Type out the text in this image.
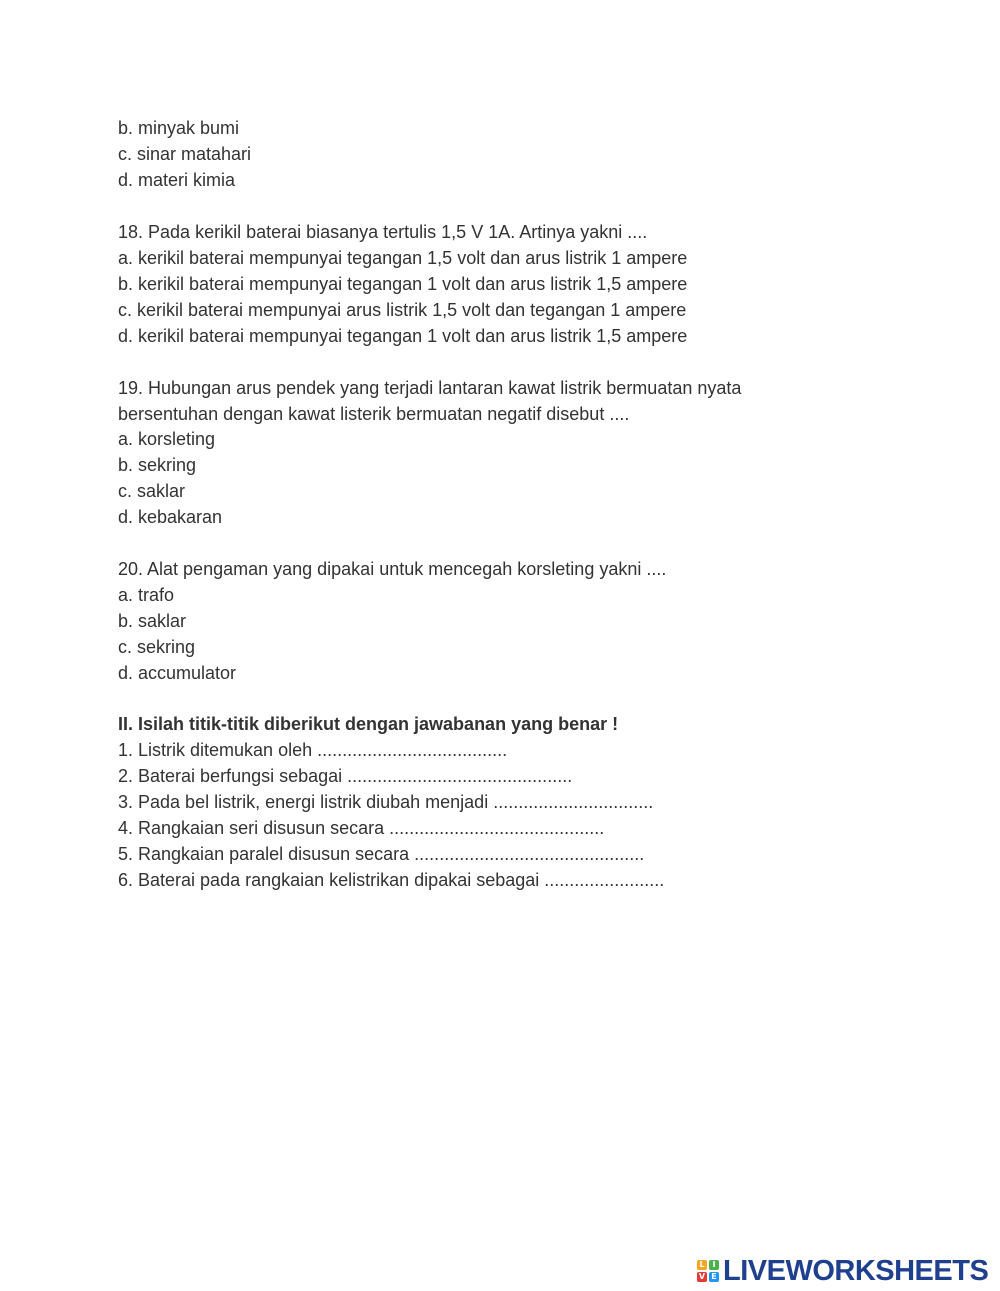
b. minyak bumi
c. sinar matahari
d. materi kimia
18. Pada kerikil baterai biasanya tertulis 1,5 V 1A. Artinya yakni ....
a. kerikil baterai mempunyai tegangan 1,5 volt dan arus listrik 1 ampere
b. kerikil baterai mempunyai tegangan 1 volt dan arus listrik 1,5 ampere
c. kerikil baterai mempunyai arus listrik 1,5 volt dan tegangan 1 ampere
d. kerikil baterai mempunyai tegangan 1 volt dan arus listrik 1,5 ampere
19. Hubungan arus pendek yang terjadi lantaran kawat listrik bermuatan nyata
bersentuhan dengan kawat listerik bermuatan negatif disebut ....
a. korsleting
b. sekring
c. saklar
d. kebakaran
20. Alat pengaman yang dipakai untuk mencegah korsleting yakni ....
a. trafo
b. saklar
c. sekring
d. accumulator
II. Isilah titik-titik diberikut dengan jawabanan yang benar !
1. Listrik ditemukan oleh ......................................
2. Baterai berfungsi sebagai .............................................
3. Pada bel listrik, energi listrik diubah menjadi ................................
4. Rangkaian seri disusun secara ...........................................
5. Rangkaian paralel disusun secara ..............................................
6. Baterai pada rangkaian kelistrikan dipakai sebagai ........................
L I
V E LIVEWORKSHEETS
